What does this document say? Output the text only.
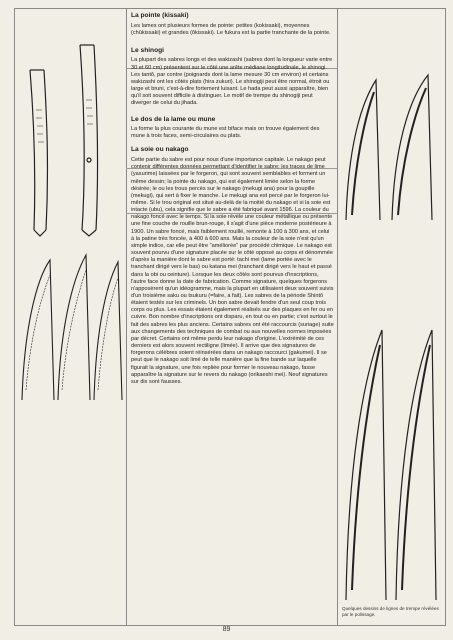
La pointe (kissaki)

Les lames ont plusieurs formes de pointe: petites (kokissaki), moyennes (chûkissaki) et grandes (ôkissaki). Le fukura est la partie tranchante de la pointe.

Le shinogi

La plupart des sabres longs et des wakizashi (sabres dont la longueur varie entre 30 et 60 cm) présentent sur le côté une arête médiane longitudinale, le shinogi. Les tantô, par contre (poignards dont la lame mesure 30 cm environ) et certains wakizashi ont les côtés plats (hira zukuri). Le shinogiji peut être normal, étroit ou large et bruni, c'est-à-dire fortement luisant. Le hada peut aussi apparaître, bien qu'il soit souvent difficile à distinguer. Le motif de trempe du shinogiji peut diverger de celui du jihada.

Le dos de la lame ou mune

La forme la plus courante du mune est biface mais on trouve également des mune à trois faces, semi-circulaires ou plats.

La soie ou nakago

Cette partie du sabre est pour nous d'une importance capitale. Le nakago peut contenir différentes données permettant d'identifier le sabre: les traces de lime (yasurime) laissées par le forgeron, qui sont souvent semblables et forment un même dessin; la pointe du nakago, qui est également limée selon la forme désirée; le ou les trous percés sur le nakago (mekugi ana) pour la goupille (mekugi), qui sert à fixer le manche. Le mekugi ana est percé par le forgeron lui-même. Si le trou original est situé au-delà de la moitié du nakago et si la soie est intacte (ubu), cela signifie que le sabre a été fabriqué avant 1596. La couleur du nakago foncé avec le temps. Si la soie révèle une couleur métallique ou présente une fine couche de rouille brun-rouge, il s'agit d'une pièce moderne postérieure à 1900. Un sabre foncé, mais faiblement rouillé, remonte à 100 à 300 ans, et celui à la patine très foncée, à 400 à 600 ans. Mais la couleur de la soie n'est qu'un simple indice, car elle peut être "améliorée" par procédé chimique. Le nakago est souvent pourvu d'une signature placée sur le côté opposé au corps et dénommée d'après la manière dont le sabre est porté: tachi mei (lame portée avec le tranchant dirigé vers le bas) ou katana mei (tranchant dirigé vers le haut et passé dans la obi ou ceinture). Lorsque les deux côtés sont pourvus d'inscriptions, l'autre face donne la date de fabrication. Comme signature, quelques forgerons n'apposèrent qu'un idéogramme, mais la plupart en utilisaient deux souvent suivis d'un troisième saku ou tsukuru (=faire, a fait). Les sabres de la période Shintô étaient testés sur les criminels. Un bon sabre devait fendre d'un seul coup trois corps ou plus. Les essais étaient également réalisés sur des plaques en fer ou en cuivre. Bon nombre d'inscriptions ont disparu, en tout ou en partie; c'est surtout le fait des sabres les plus anciens. Certains sabres ont été raccourcis (suriage) suite aux changements des techniques de combat ou aux nouvelles normes imposées par décret. Certains ont même perdu leur nakago d'origine. L'extrémité de ces derniers est alors souvent rectiligne (limée). Il arrive que des signatures de forgerons célèbres soient réinsérées dans un nakago raccourci (gakumei). Il se peut que le nakago soit limé de telle manière que la fine bande sur laquelle figurait la signature, une fois repliée pour former le nouveau nakago, fasse apparaître la signature sur le revers du nakago (orikaeshi mei). Neuf signatures sur dix sont fausses.

Quelques dessins de lignes de trempe révélées par le polissage.
89
